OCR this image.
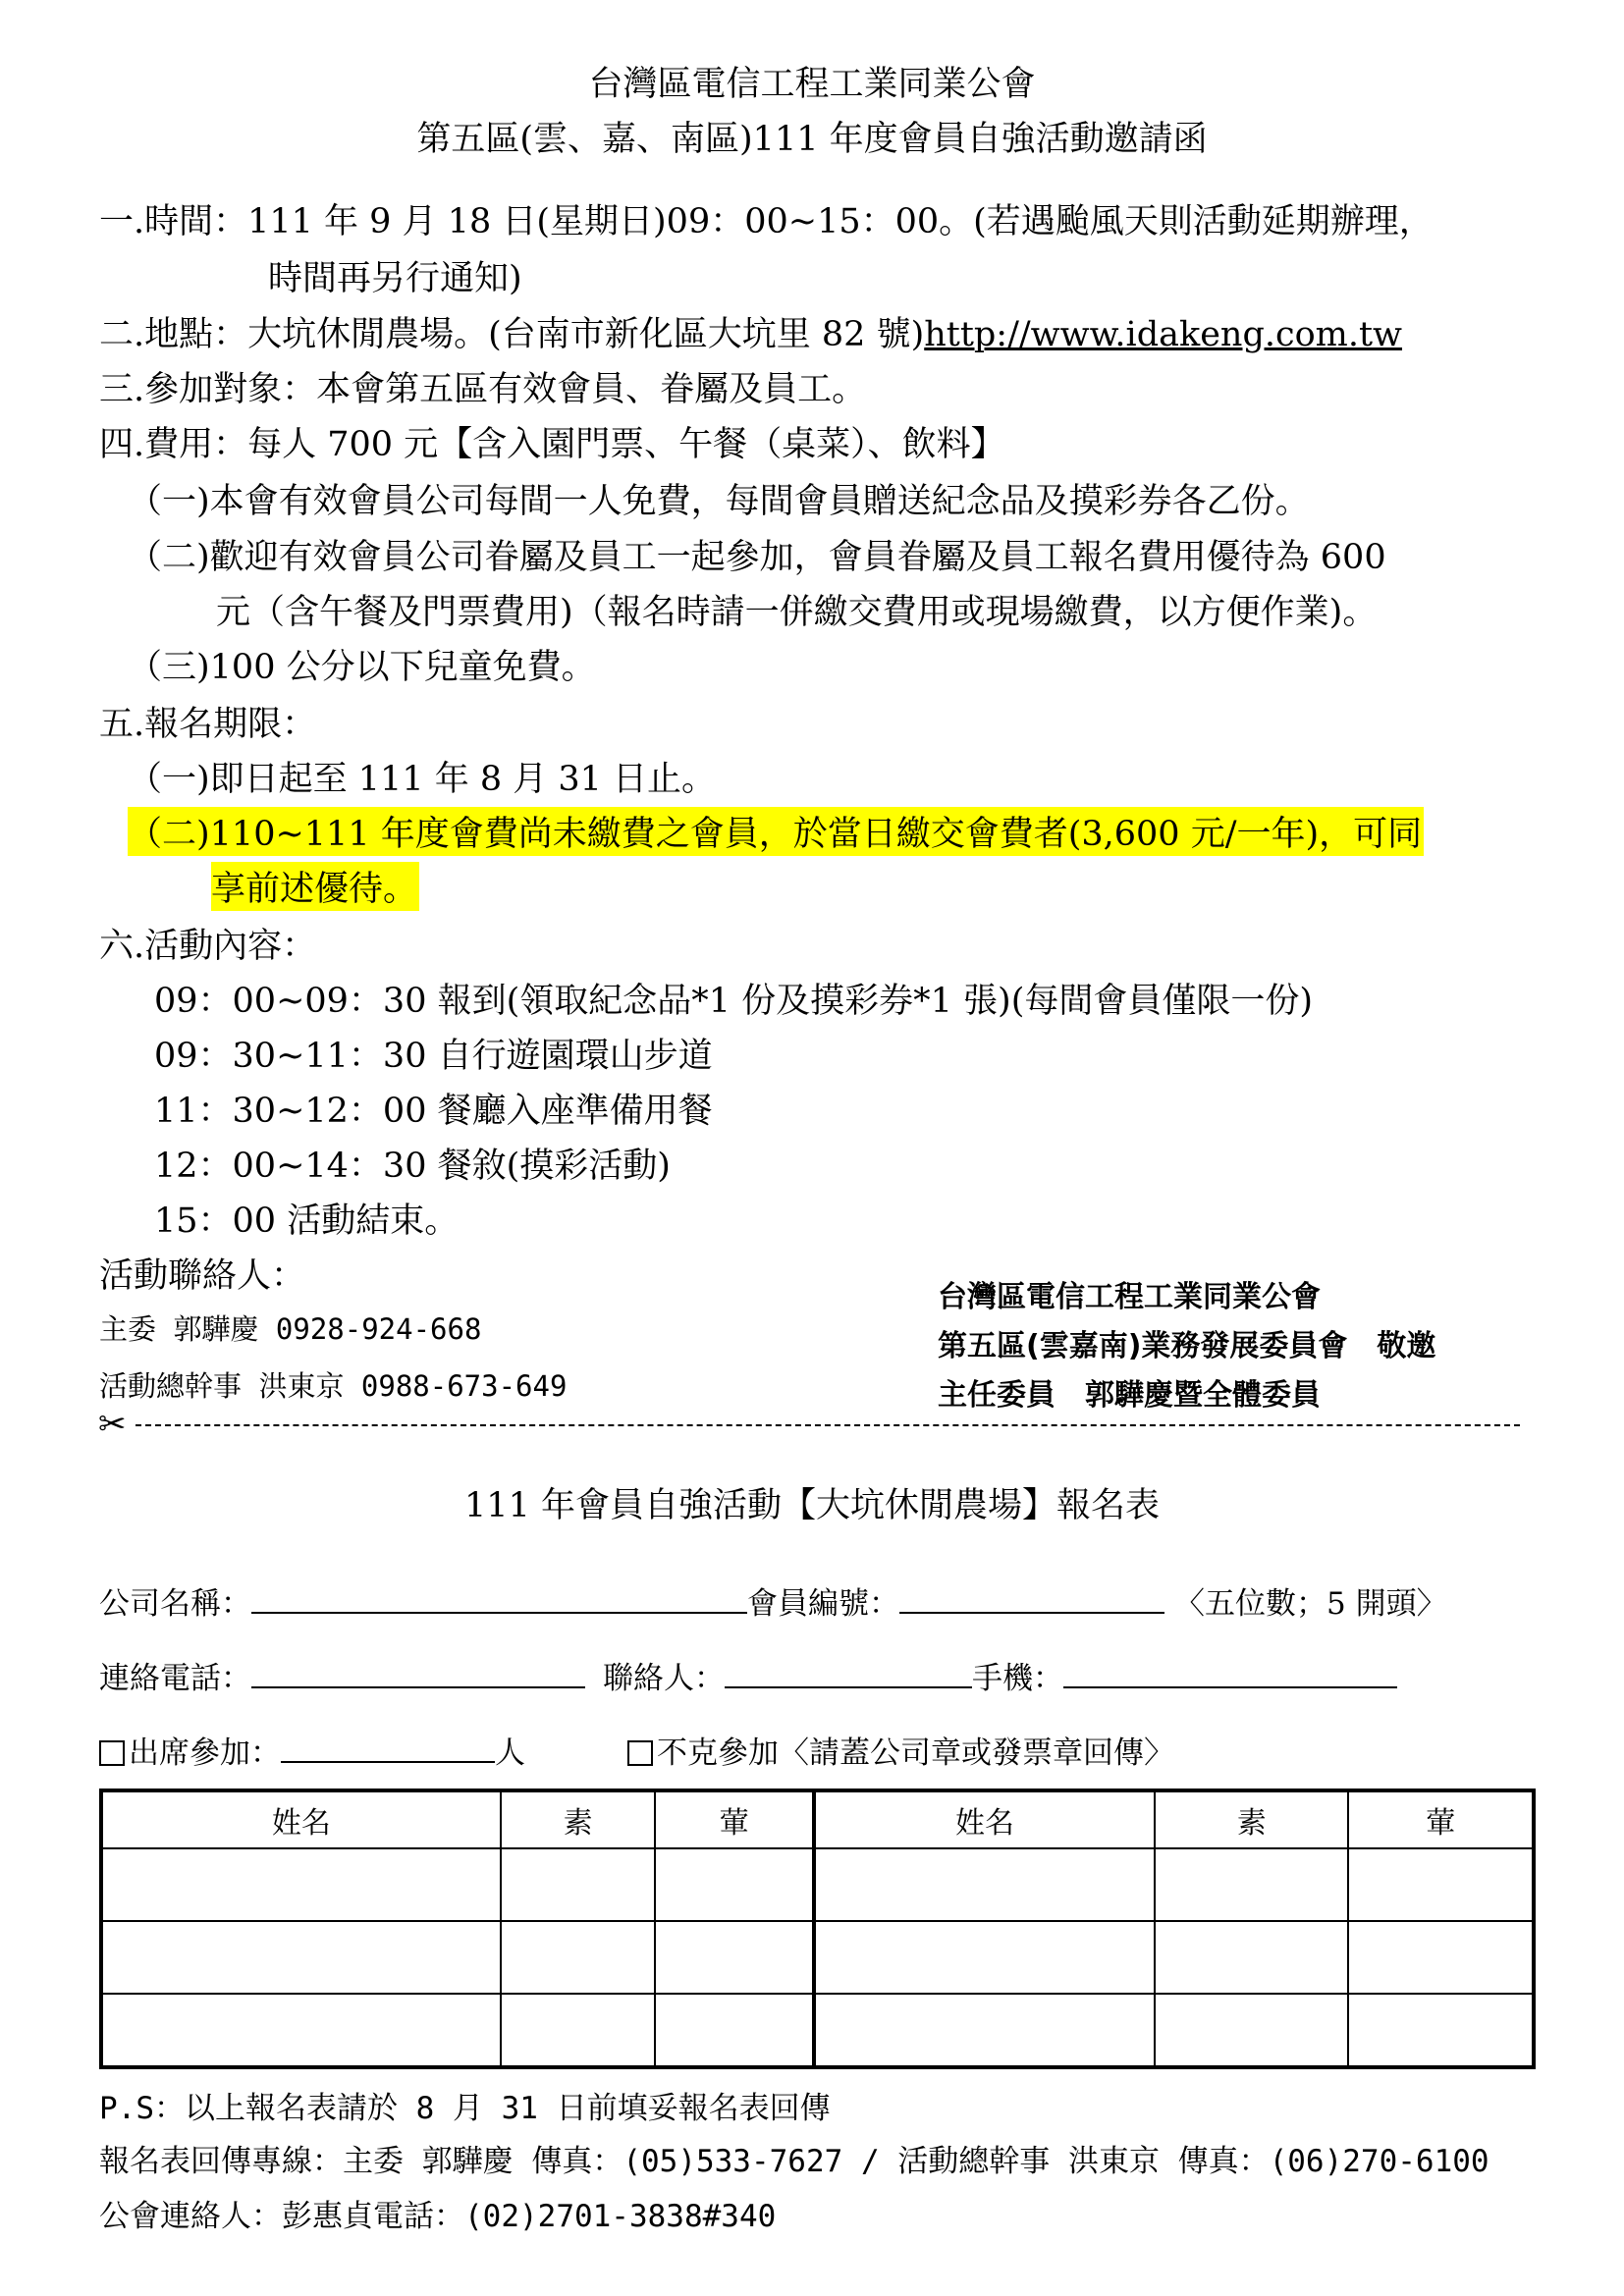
台灣區電信工程工業同業公會
第五區(雲、嘉、南區)111 年度會員自強活動邀請函
一.時間：111 年 9 月 18 日(星期日)09：00~15：00。(若遇颱風天則活動延期辦理，
時間再另行通知)
二.地點：大坑休閒農場。(台南市新化區大坑里 82 號)http://www.idakeng.com.tw
三.參加對象：本會第五區有效會員、眷屬及員工。
四.費用：每人 700 元【含入園門票、午餐（桌菜）、飲料】
（一)本會有效會員公司每間一人免費，每間會員贈送紀念品及摸彩券各乙份。
（二)歡迎有效會員公司眷屬及員工一起參加，會員眷屬及員工報名費用優待為 600
元（含午餐及門票費用)（報名時請一併繳交費用或現場繳費，以方便作業)。
（三)100 公分以下兒童免費。
五.報名期限：
（一)即日起至 111 年 8 月 31 日止。
（二)110~111 年度會費尚未繳費之會員，於當日繳交會費者(3,600 元/一年)，可同
享前述優待。
六.活動內容：
09：00~09：30 報到(領取紀念品*1 份及摸彩券*1 張)(每間會員僅限一份)
09：30~11：30 自行遊園環山步道
11：30~12：00 餐廳入座準備用餐
12：00~14：30 餐敘(摸彩活動)
15：00 活動結束。
活動聯絡人：
主委 郭驊慶 0928-924-668
活動總幹事 洪東京 0988-673-649
台灣區電信工程工業同業公會
第五區(雲嘉南)業務發展委員會　敬邀
主任委員　郭驊慶暨全體委員
✂
111 年會員自強活動【大坑休閒農場】報名表
公司名稱：	會員編號：	〈五位數；5 開頭〉
連絡電話：	聯絡人：	手機：
出席參加：	人	不克參加〈請蓋公司章或發票章回傳〉
姓名	素	葷	姓名	素	葷

P.S：以上報名表請於 8 月 31 日前填妥報名表回傳
報名表回傳專線：主委 郭驊慶 傳真：(05)533-7627 / 活動總幹事 洪東京 傳真：(06)270-6100
公會連絡人：彭惠貞電話：(02)2701-3838#340
